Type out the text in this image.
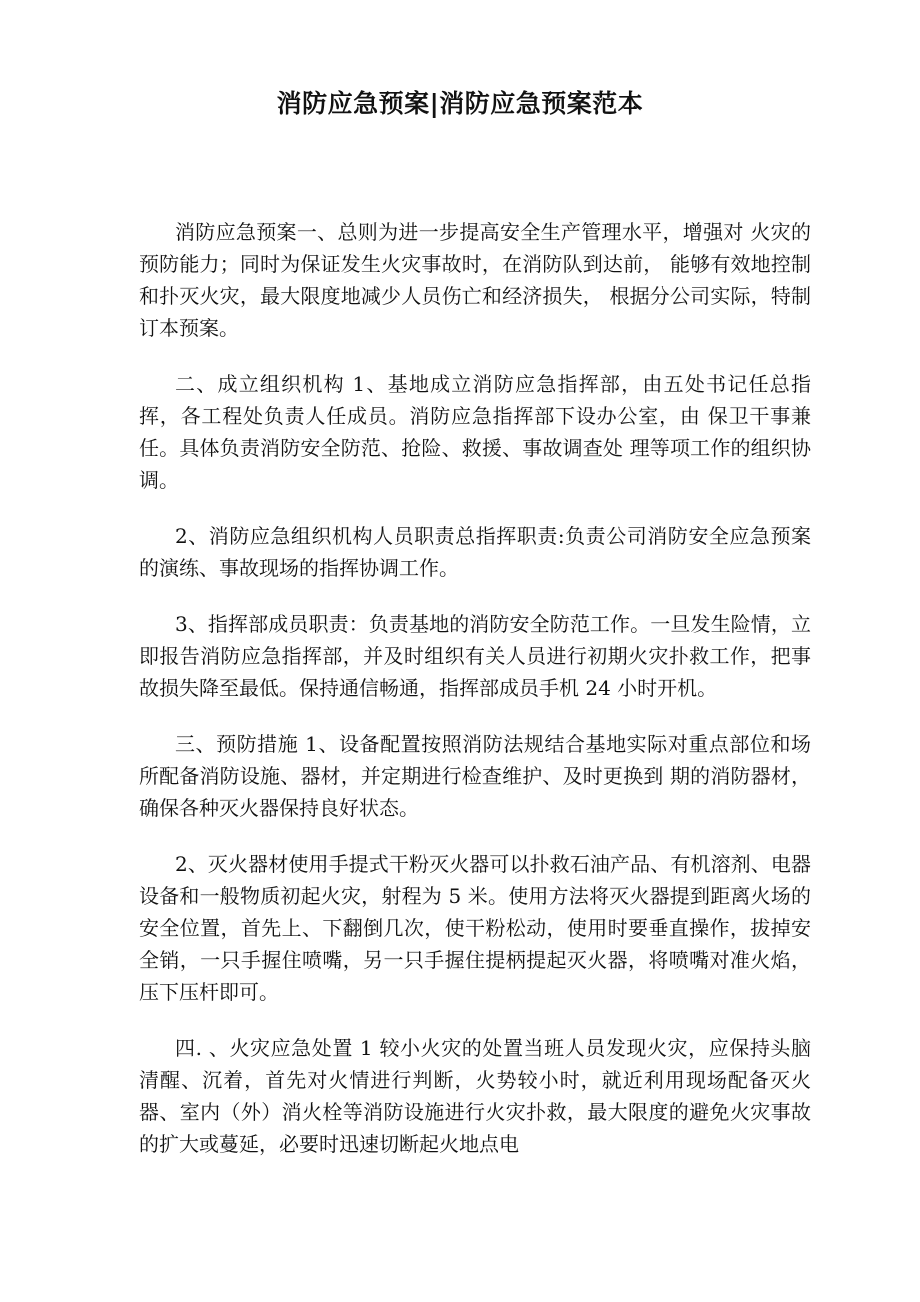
消防应急预案|消防应急预案范本

消防应急预案一、总则为进一步提高安全生产管理水平，增强对 火灾的预防能力；同时为保证发生火灾事故时，在消防队到达前， 能够有效地控制和扑灭火灾，最大限度地减少人员伤亡和经济损失， 根据分公司实际，特制订本预案。

二、成立组织机构 1、基地成立消防应急指挥部，由五处书记任总指挥，各工程处负责人任成员。消防应急指挥部下设办公室，由 保卫干事兼任。具体负责消防安全防范、抢险、救援、事故调查处 理等项工作的组织协调。

2、消防应急组织机构人员职责总指挥职责:负责公司消防安全应急预案的演练、事故现场的指挥协调工作。

3、指挥部成员职责：负责基地的消防安全防范工作。一旦发生险情，立即报告消防应急指挥部，并及时组织有关人员进行初期火灾扑救工作，把事故损失降至最低。保持通信畅通，指挥部成员手机 24 小时开机。

三、预防措施 1、设备配置按照消防法规结合基地实际对重点部位和场所配备消防设施、器材，并定期进行检查维护、及时更换到 期的消防器材，确保各种灭火器保持良好状态。

2、灭火器材使用手提式干粉灭火器可以扑救石油产品、有机溶剂、电器设备和一般物质初起火灾，射程为 5 米。使用方法将灭火器提到距离火场的安全位置，首先上、下翻倒几次，使干粉松动，使用时要垂直操作，拔掉安全销，一只手握住喷嘴，另一只手握住提柄提起灭火器，将喷嘴对准火焰，压下压杆即可。

四. 、火灾应急处置 1 较小火灾的处置当班人员发现火灾，应保持头脑清醒、沉着，首先对火情进行判断，火势较小时，就近利用现场配备灭火器、室内（外）消火栓等消防设施进行火灾扑救，最大限度的避免火灾事故的扩大或蔓延，必要时迅速切断起火地点电
